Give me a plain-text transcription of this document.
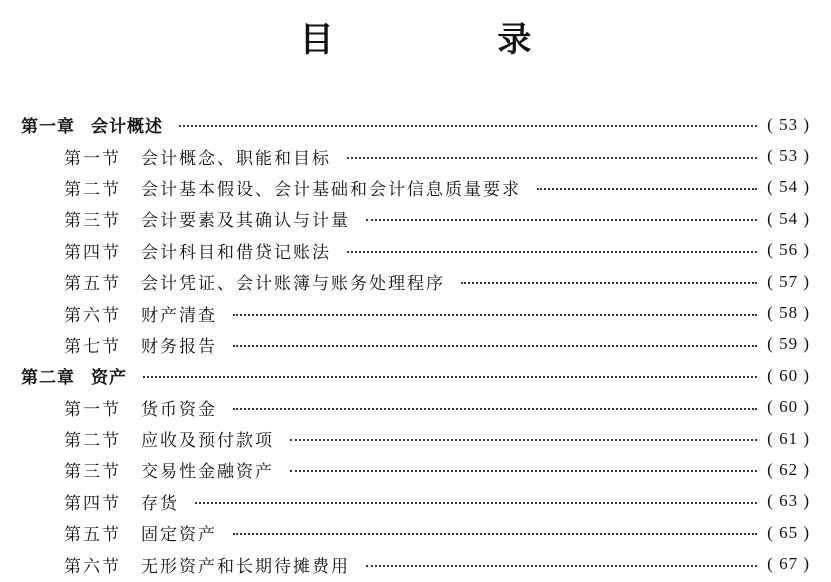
目 录
第一章 会计概述	( 53 )
第一节 会计概念、职能和目标	( 53 )
第二节 会计基本假设、会计基础和会计信息质量要求	( 54 )
第三节 会计要素及其确认与计量	( 54 )
第四节 会计科目和借贷记账法	( 56 )
第五节 会计凭证、会计账簿与账务处理程序	( 57 )
第六节 财产清查	( 58 )
第七节 财务报告	( 59 )
第二章 资产	( 60 )
第一节 货币资金	( 60 )
第二节 应收及预付款项	( 61 )
第三节 交易性金融资产	( 62 )
第四节 存货	( 63 )
第五节 固定资产	( 65 )
第六节 无形资产和长期待摊费用	( 67 )
